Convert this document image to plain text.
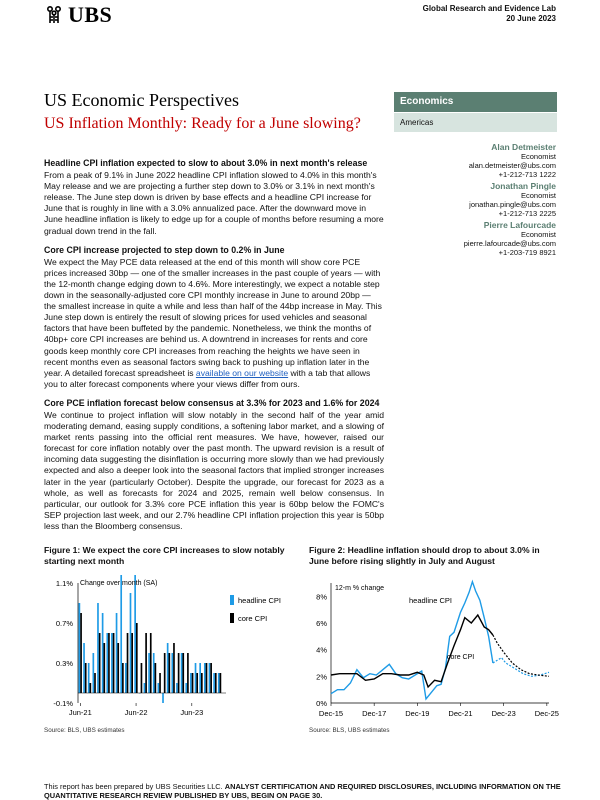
UBS	Global Research and Evidence Lab
20 June 2023
US Economic Perspectives
US Inflation Monthly: Ready for a June slowing?
Economics
Americas
Alan Detmeister
Economist
alan.detmeister@ubs.com
+1-212-713 1222
Jonathan Pingle
Economist
jonathan.pingle@ubs.com
+1-212-713 2225
Pierre Lafourcade
Economist
pierre.lafourcade@ubs.com
+1-203-719 8921
Headline CPI inflation expected to slow to about 3.0% in next month's release

From a peak of 9.1% in June 2022 headline CPI inflation slowed to 4.0% in this month's May release and we are projecting a further step down to 3.0% or 3.1% in next month's release. The June step down is driven by base effects and a headline CPI increase for June that is roughly in line with a 3.0% annualized pace. After the downward move in June headline inflation is likely to edge up for a couple of months before resuming a more gradual down trend in the fall.

Core CPI increase projected to step down to 0.2% in June

We expect the May PCE data released at the end of this month will show core PCE prices increased 30bp — one of the smaller increases in the past couple of years — with the 12-month change edging down to 4.6%. More interestingly, we expect a notable step down in the seasonally-adjusted core CPI monthly increase in June to around 20bp — the smallest increase in quite a while and less than half of the 44bp increase in May. This June step down is entirely the result of slowing prices for used vehicles and seasonal factors that have been buffeted by the pandemic. Nonetheless, we think the months of 40bp+ core CPI increases are behind us. A downtrend in increases for rents and core goods keep monthly core CPI increases from reaching the heights we have seen in recent months even as seasonal factors swing back to pushing up inflation later in the year. A detailed forecast spreadsheet is available on our website with a tab that allows you to alter forecast components where your views differ from ours.

Core PCE inflation forecast below consensus at 3.3% for 2023 and 1.6% for 2024

We continue to project inflation will slow notably in the second half of the year amid moderating demand, easing supply conditions, a softening labor market, and a slowing of market rents passing into the official rent measures. We have, however, raised our forecast for core inflation notably over the past month. The upward revision is a result of incoming data suggesting the disinflation is occurring more slowly than we had previously expected and also a deeper look into the seasonal factors that implied stronger increases later in the year (particularly October). Despite the upgrade, our forecast for 2023 as a whole, as well as forecasts for 2024 and 2025, remain well below consensus. In particular, our outlook for 3.3% core PCE inflation this year is 60bp below the FOMC's SEP projection last week, and our 2.7% headline CPI inflation projection this year is 50bp less than the Bloomberg consensus.

Figure 1: We expect the core CPI increases to slow notably starting next month
Figure 2: Headline inflation should drop to about 3.0% in June before rising slightly in July and August
1.1%
0.7%
0.3%
-0.1%
Jun-21	Jun-22	Jun-23
Change over month (SA)
headline CPI
core CPI
8%
6%
4%
2%
0%
Dec-15	Dec-17	Dec-19	Dec-21	Dec-23	Dec-25
12-m % change
headline CPI
core CPI
Source: BLS, UBS estimates	Source: BLS, UBS estimates
This report has been prepared by UBS Securities LLC. ANALYST CERTIFICATION AND REQUIRED DISCLOSURES, INCLUDING INFORMATION ON THE QUANTITATIVE RESEARCH REVIEW PUBLISHED BY UBS, BEGIN ON PAGE 30.
